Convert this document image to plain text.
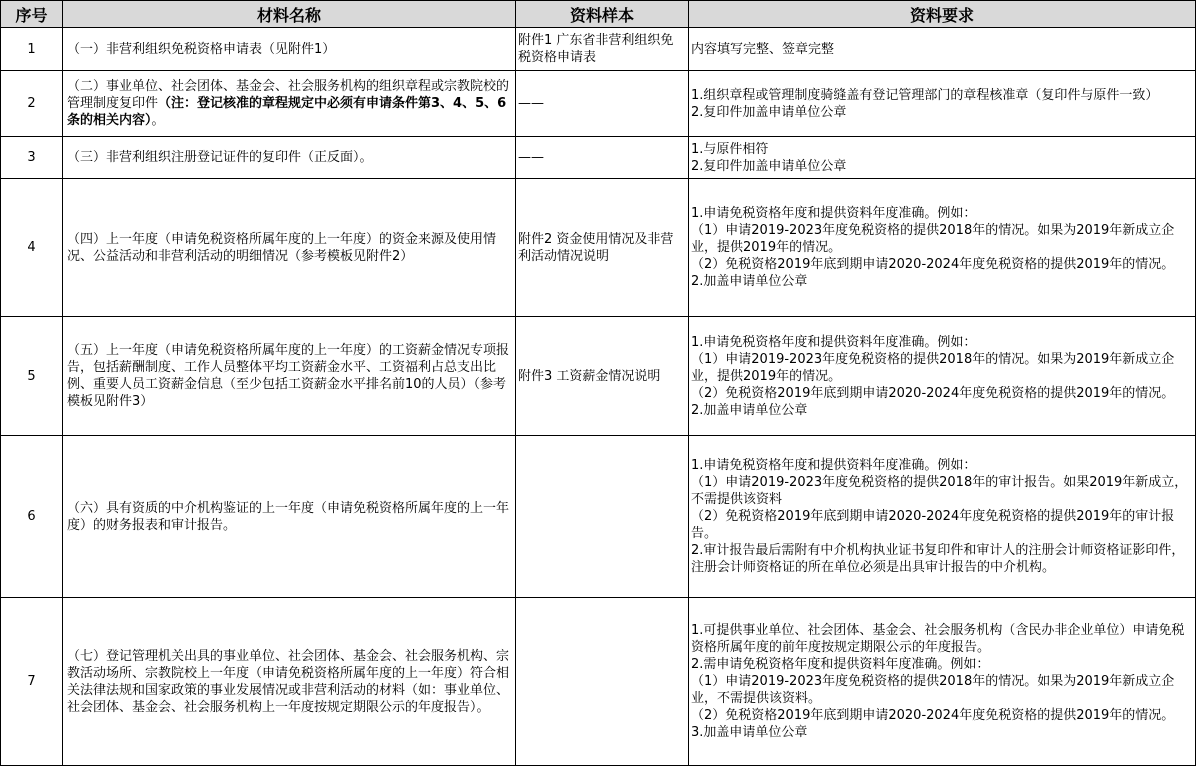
序号	材料名称	资料样本	资料要求
1	（一）非营利组织免税资格申请表（见附件1）	附件1 广东省非营利组织免税资格申请表	内容填写完整、签章完整

2	（二）事业单位、社会团体、基金会、社会服务机构的组织章程或宗教院校的管理制度复印件（注：登记核准的章程规定中必须有申请条件第3、4、5、6条的相关内容）。	——	1.组织章程或管理制度骑缝盖有登记管理部门的章程核准章（复印件与原件一致）
2.复印件加盖申请单位公章

3	（三）非营利组织注册登记证件的复印件（正反面）。	——	1.与原件相符
2.复印件加盖申请单位公章

4	（四）上一年度（申请免税资格所属年度的上一年度）的资金来源及使用情况、公益活动和非营利活动的明细情况（参考模板见附件2）	附件2 资金使用情况及非营利活动情况说明	1.申请免税资格年度和提供资料年度准确。例如：
（1）申请2019-2023年度免税资格的提供2018年的情况。如果为2019年新成立企业，提供2019年的情况。
（2）免税资格2019年底到期申请2020-2024年度免税资格的提供2019年的情况。
2.加盖申请单位公章

5	（五）上一年度（申请免税资格所属年度的上一年度）的工资薪金情况专项报告，包括薪酬制度、工作人员整体平均工资薪金水平、工资福利占总支出比例、重要人员工资薪金信息（至少包括工资薪金水平排名前10的人员）（参考模板见附件3）	附件3 工资薪金情况说明	1.申请免税资格年度和提供资料年度准确。例如：
（1）申请2019-2023年度免税资格的提供2018年的情况。如果为2019年新成立企业，提供2019年的情况。
（2）免税资格2019年底到期申请2020-2024年度免税资格的提供2019年的情况。
2.加盖申请单位公章

6	（六）具有资质的中介机构鉴证的上一年度（申请免税资格所属年度的上一年度）的财务报表和审计报告。		1.申请免税资格年度和提供资料年度准确。例如：
（1）申请2019-2023年度免税资格的提供2018年的审计报告。如果2019年新成立，不需提供该资料
（2）免税资格2019年底到期申请2020-2024年度免税资格的提供2019年的审计报告。
2.审计报告最后需附有中介机构执业证书复印件和审计人的注册会计师资格证影印件，注册会计师资格证的所在单位必须是出具审计报告的中介机构。

7	（七）登记管理机关出具的事业单位、社会团体、基金会、社会服务机构、宗教活动场所、宗教院校上一年度（申请免税资格所属年度的上一年度）符合相关法律法规和国家政策的事业发展情况或非营利活动的材料（如：事业单位、社会团体、基金会、社会服务机构上一年度按规定期限公示的年度报告）。		1.可提供事业单位、社会团体、基金会、社会服务机构（含民办非企业单位）申请免税资格所属年度的前年度按规定期限公示的年度报告。
2.需申请免税资格年度和提供资料年度准确。例如：
（1）申请2019-2023年度免税资格的提供2018年的情况。如果为2019年新成立企业，不需提供该资料。
（2）免税资格2019年底到期申请2020-2024年度免税资格的提供2019年的情况。
3.加盖申请单位公章
